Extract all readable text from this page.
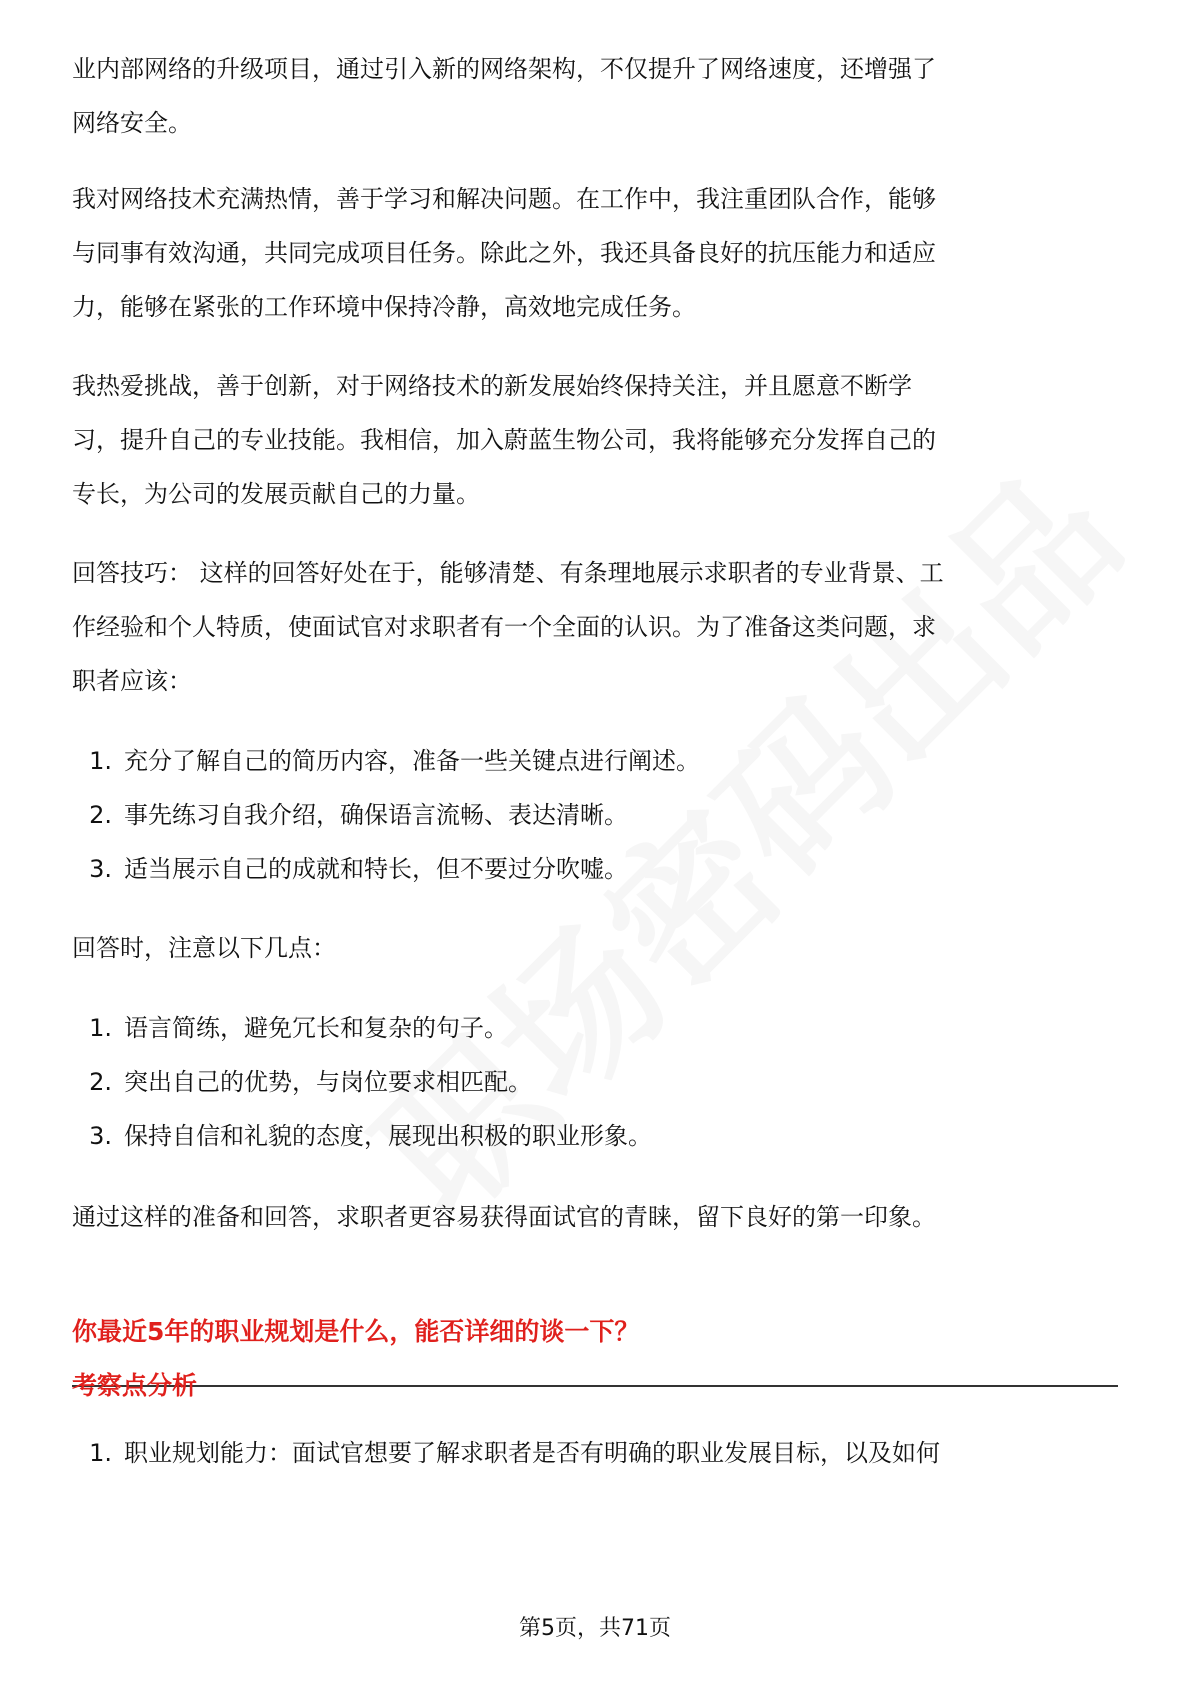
业内部网络的升级项目，通过引入新的网络架构，不仅提升了网络速度，还增强了
网络安全。

我对网络技术充满热情，善于学习和解决问题。在工作中，我注重团队合作，能够
与同事有效沟通，共同完成项目任务。除此之外，我还具备良好的抗压能力和适应
力，能够在紧张的工作环境中保持冷静，高效地完成任务。

我热爱挑战，善于创新，对于网络技术的新发展始终保持关注，并且愿意不断学
习，提升自己的专业技能。我相信，加入蔚蓝生物公司，我将能够充分发挥自己的
专长，为公司的发展贡献自己的力量。

回答技巧： 这样的回答好处在于，能够清楚、有条理地展示求职者的专业背景、工
作经验和个人特质，使面试官对求职者有一个全面的认识。为了准备这类问题，求
职者应该：

1. 充分了解自己的简历内容，准备一些关键点进行阐述。
2. 事先练习自我介绍，确保语言流畅、表达清晰。
3. 适当展示自己的成就和特长，但不要过分吹嘘。

回答时，注意以下几点：

1. 语言简练，避免冗长和复杂的句子。
2. 突出自己的优势，与岗位要求相匹配。
3. 保持自信和礼貌的态度，展现出积极的职业形象。

通过这样的准备和回答，求职者更容易获得面试官的青睐，留下良好的第一印象。

你最近5年的职业规划是什么，能否详细的谈一下？

考察点分析

1. 职业规划能力：面试官想要了解求职者是否有明确的职业发展目标，以及如何
第5页，共71页
